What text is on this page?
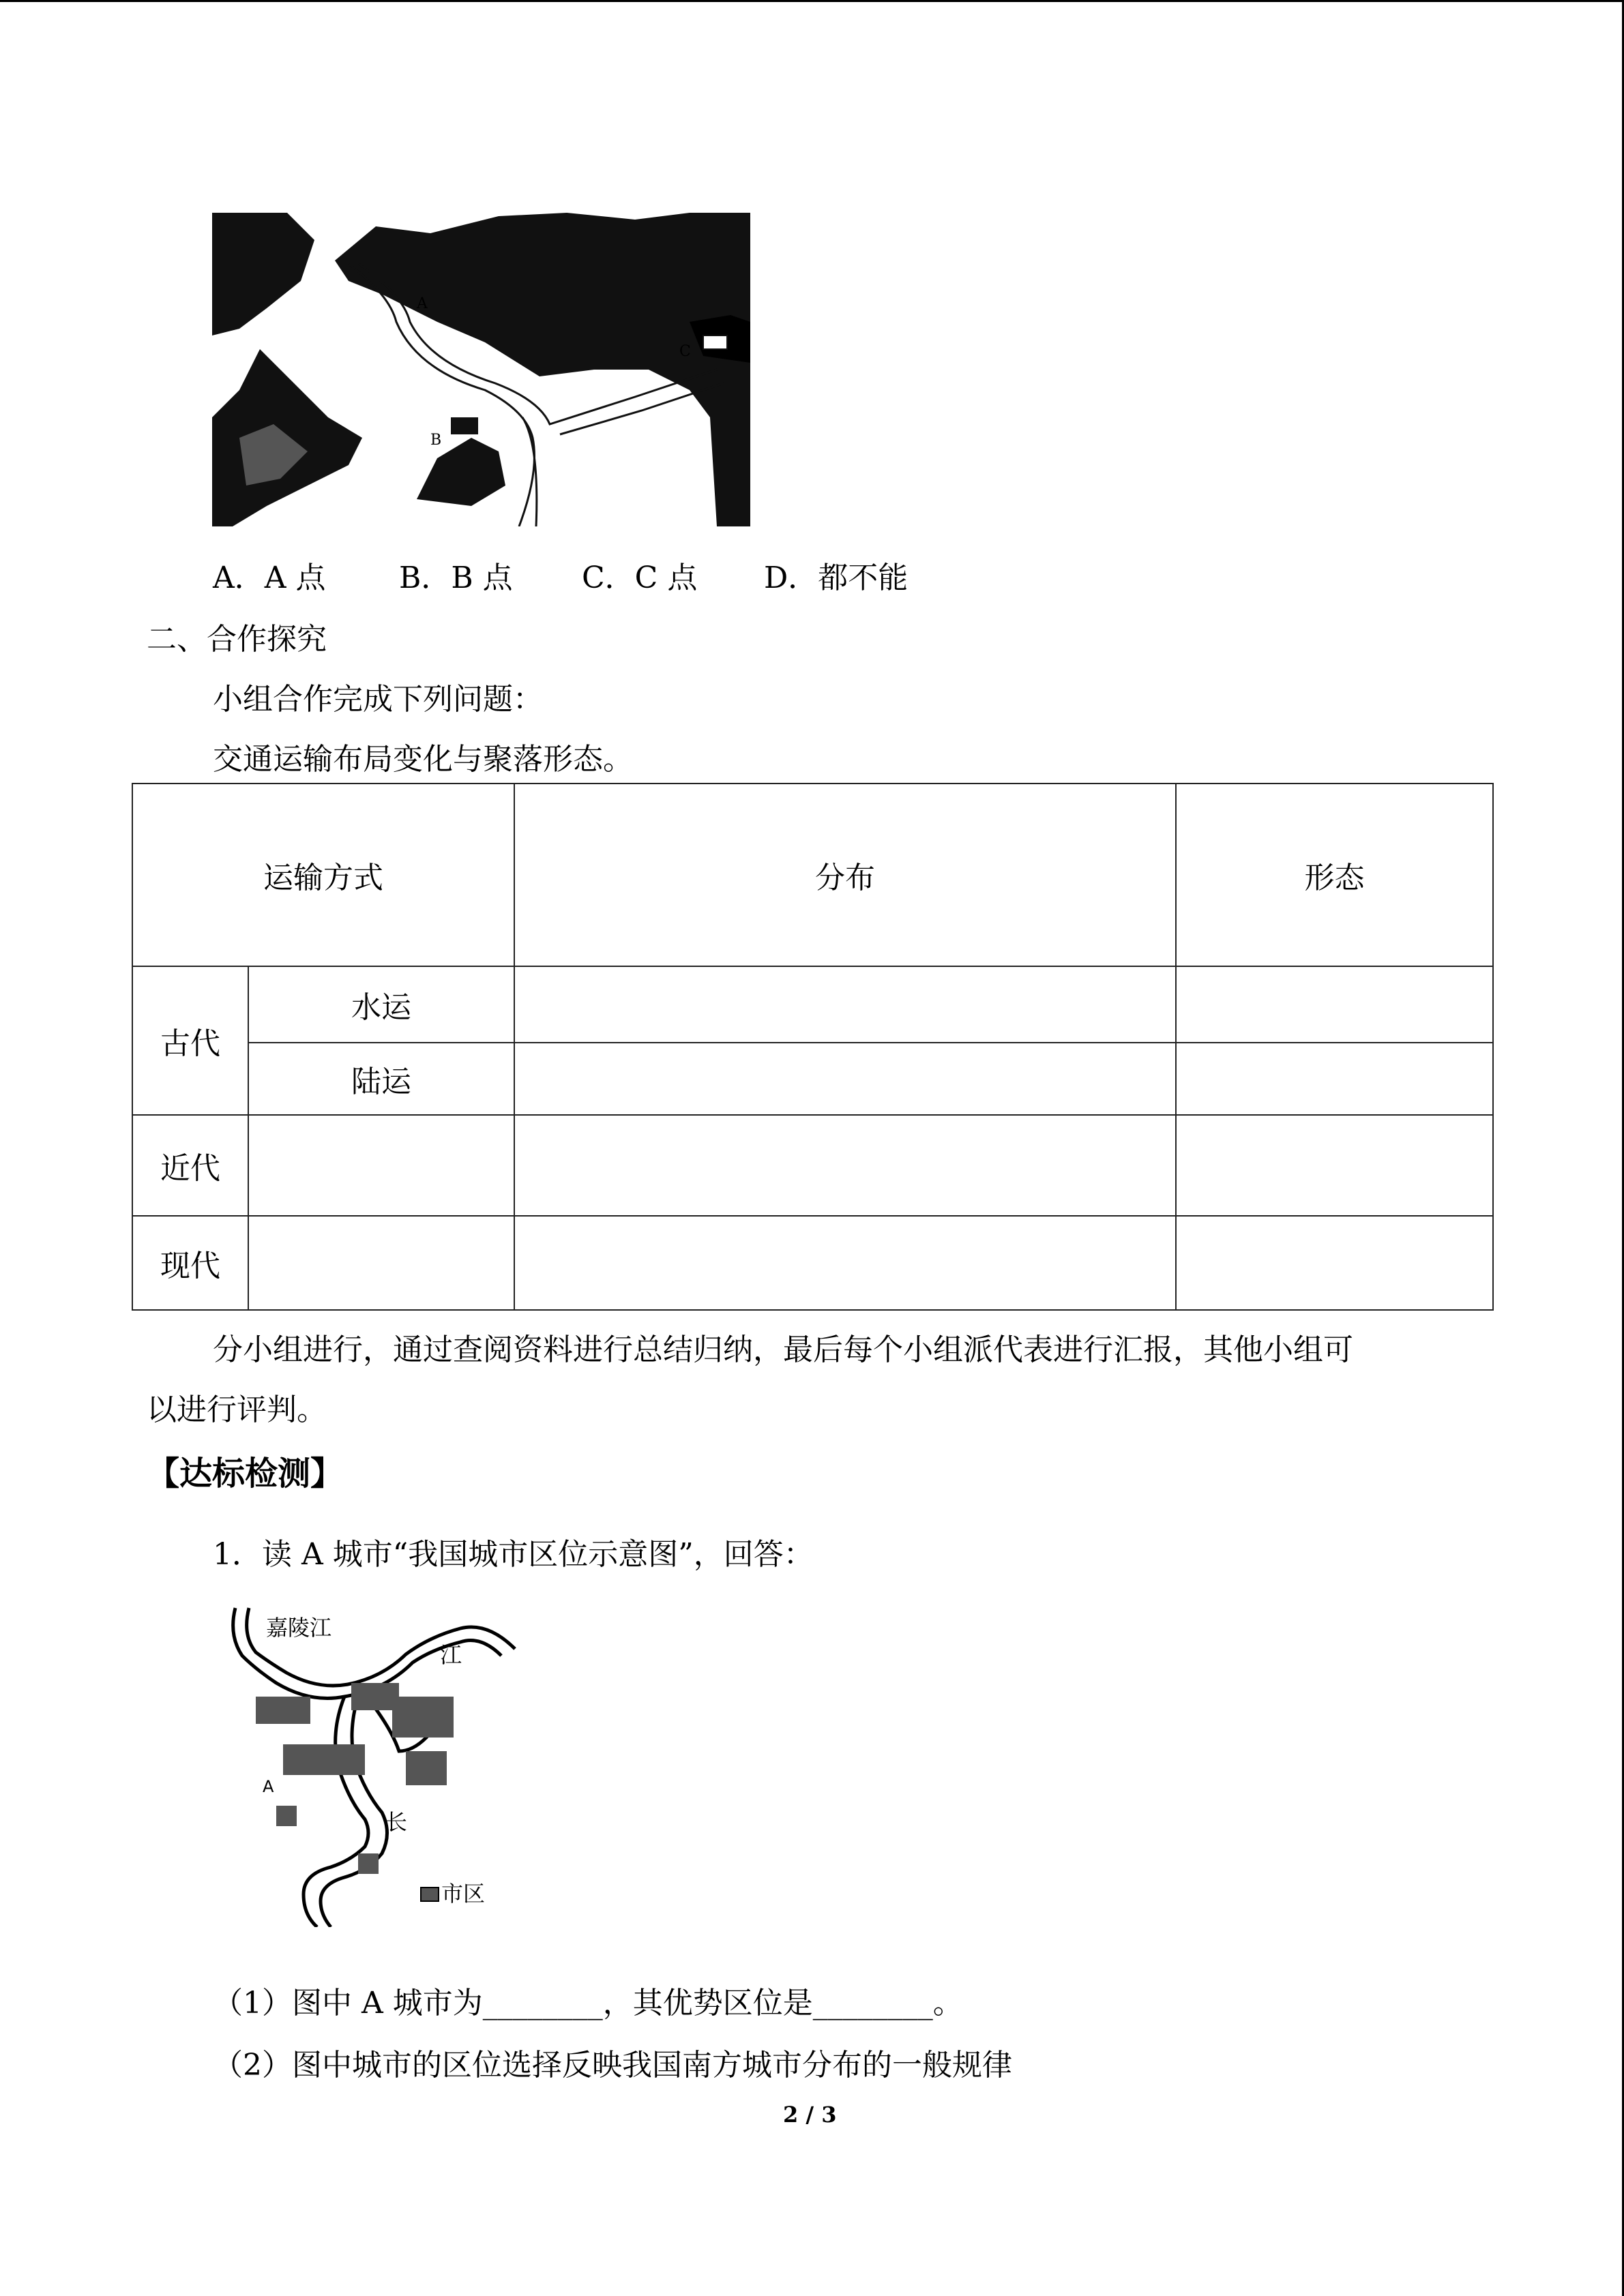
A
B
C
A．A 点 B．B 点 C．C 点 D．都不能
二、合作探究
小组合作完成下列问题：
交通运输布局变化与聚落形态。
运输方式		分布	形态
古代	水运		
	陆运		
近代			
现代			
分小组进行，通过查阅资料进行总结归纳，最后每个小组派代表进行汇报，其他小组可
以进行评判。
【达标检测】
1．读 A 城市“我国城市区位示意图”，回答：
嘉陵江
江
长
A
市区
（1）图中 A 城市为________，其优势区位是________。
（2）图中城市的区位选择反映我国南方城市分布的一般规律
2 / 3
